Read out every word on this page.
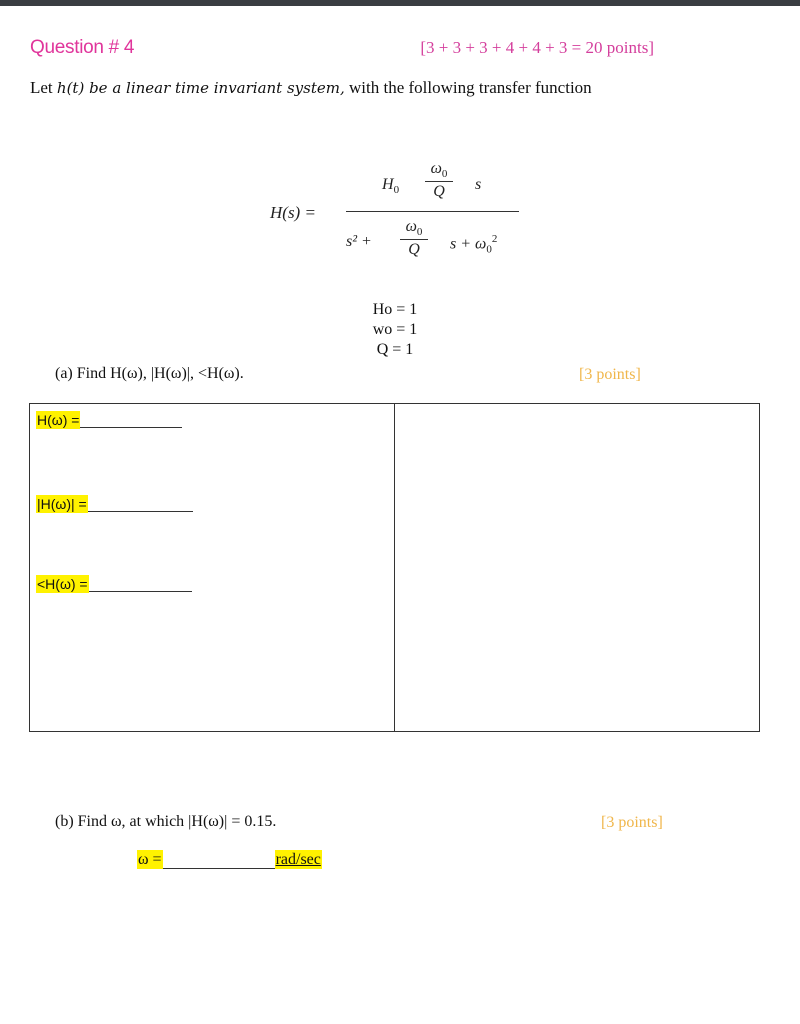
Question # 4	[3 + 3 + 3 + 4 + 4 + 3 = 20 points]
Let h(t) be a linear time invariant system, with the following transfer function
H(s) =
$H_0$
$\omega_0$
Q	s
s² +
$\omega_0$
Q	$s + \omega_0^2$
Ho = 1
wo = 1
Q = 1
(a) Find H(ω), |H(ω)|, <H(ω).	[3 points]
H(ω) =
|H(ω)| =
<H(ω) =
(b) Find ω, at which |H(ω)| = 0.15.	[3 points]
ω =	rad/sec
